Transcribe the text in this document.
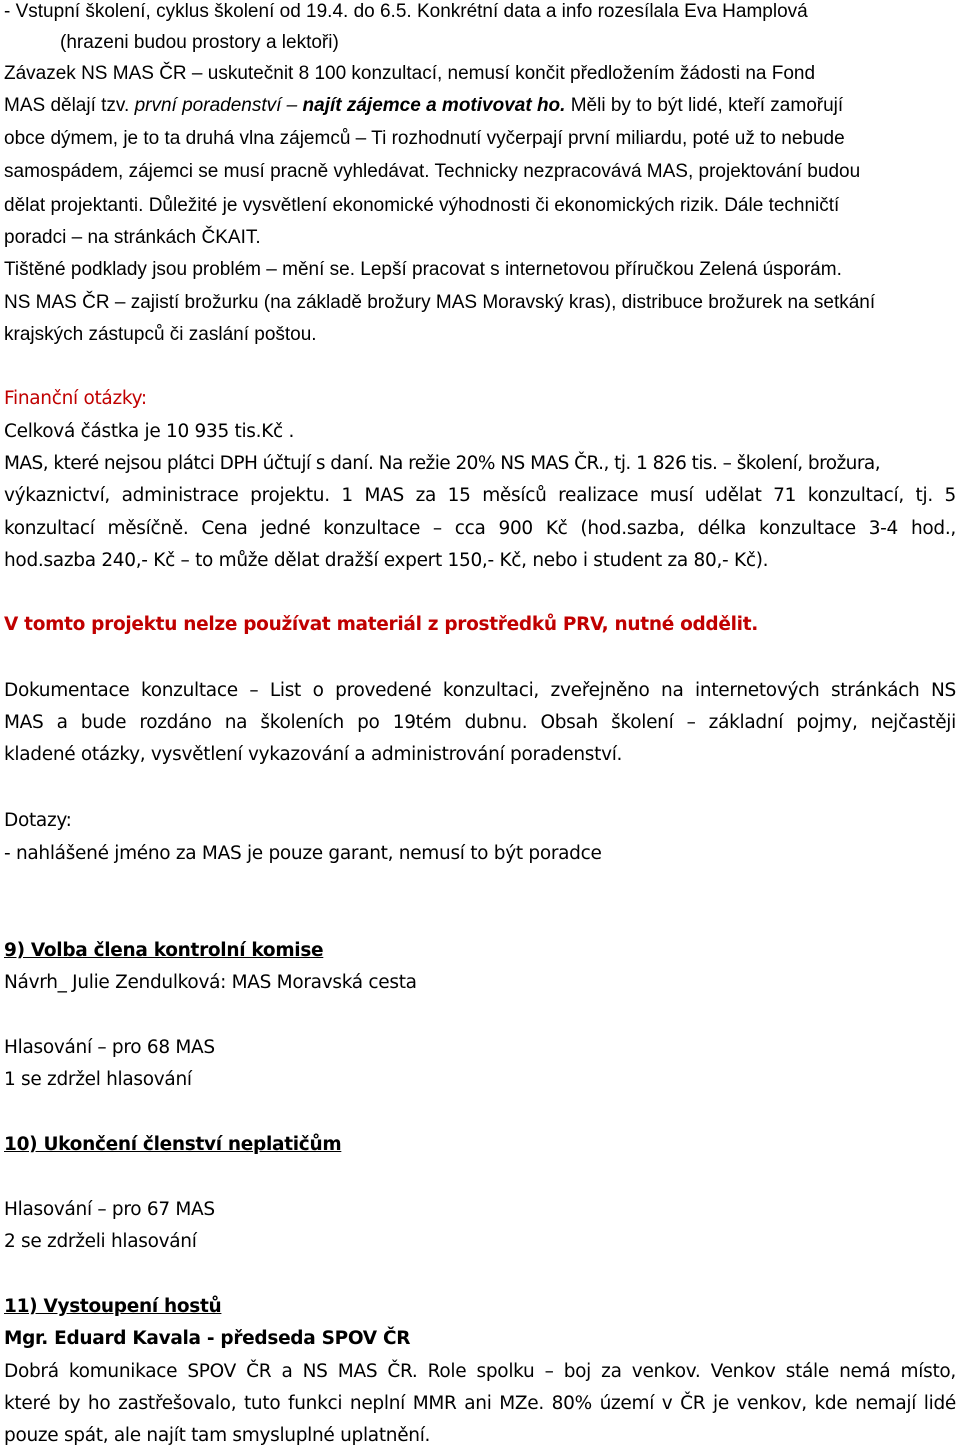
- Vstupní školení, cyklus školení od 19.4. do 6.5. Konkrétní data a info rozesílala Eva Hamplová
(hrazeni budou prostory a lektoři)
Závazek NS MAS ČR – uskutečnit 8 100 konzultací, nemusí končit předložením žádosti na Fond
MAS dělají tzv. první poradenství – najít zájemce a motivovat ho. Měli by to být lidé, kteří zamořují
obce dýmem, je to ta druhá vlna zájemců – Ti rozhodnutí vyčerpají první miliardu, poté už to nebude
samospádem, zájemci se musí pracně vyhledávat. Technicky nezpracovává MAS, projektování budou
dělat projektanti. Důležité je vysvětlení ekonomické výhodnosti či ekonomických rizik. Dále techničtí
poradci – na stránkách ČKAIT.
Tištěné podklady jsou problém – mění se. Lepší pracovat s internetovou příručkou Zelená úsporám.
NS MAS ČR – zajistí brožurku (na základě brožury MAS Moravský kras), distribuce brožurek na setkání
krajských zástupců či zaslání poštou.
Finanční otázky:
Celková částka je 10 935 tis.Kč .
MAS, které nejsou plátci DPH účtují s daní. Na režie 20% NS MAS ČR., tj. 1 826 tis. – školení, brožura,
výkaznictví, administrace projektu. 1 MAS za 15 měsíců realizace musí udělat 71 konzultací, tj. 5
konzultací měsíčně. Cena jedné konzultace – cca 900 Kč (hod.sazba, délka konzultace 3-4 hod.,
hod.sazba 240,- Kč – to může dělat dražší expert 150,- Kč, nebo i student za 80,- Kč).
V tomto projektu nelze používat materiál z prostředků PRV, nutné oddělit.
Dokumentace konzultace – List o provedené konzultaci, zveřejněno na internetových stránkách NS
MAS a bude rozdáno na školeních po 19tém dubnu. Obsah školení – základní pojmy, nejčastěji
kladené otázky, vysvětlení vykazování a administrování poradenství.
Dotazy:
- nahlášené jméno za MAS je pouze garant, nemusí to být poradce
9) Volba člena kontrolní komise
Návrh_ Julie Zendulková: MAS Moravská cesta
Hlasování – pro 68 MAS
1 se zdržel hlasování
10) Ukončení členství neplatičům
Hlasování – pro 67 MAS
2 se zdrželi hlasování
11) Vystoupení hostů
Mgr. Eduard Kavala - předseda SPOV ČR
Dobrá komunikace SPOV ČR a NS MAS ČR. Role spolku – boj za venkov. Venkov stále nemá místo,
které by ho zastřešovalo, tuto funkci neplní MMR ani MZe. 80% území v ČR je venkov, kde nemají lidé
pouze spát, ale najít tam smysluplné uplatnění.
